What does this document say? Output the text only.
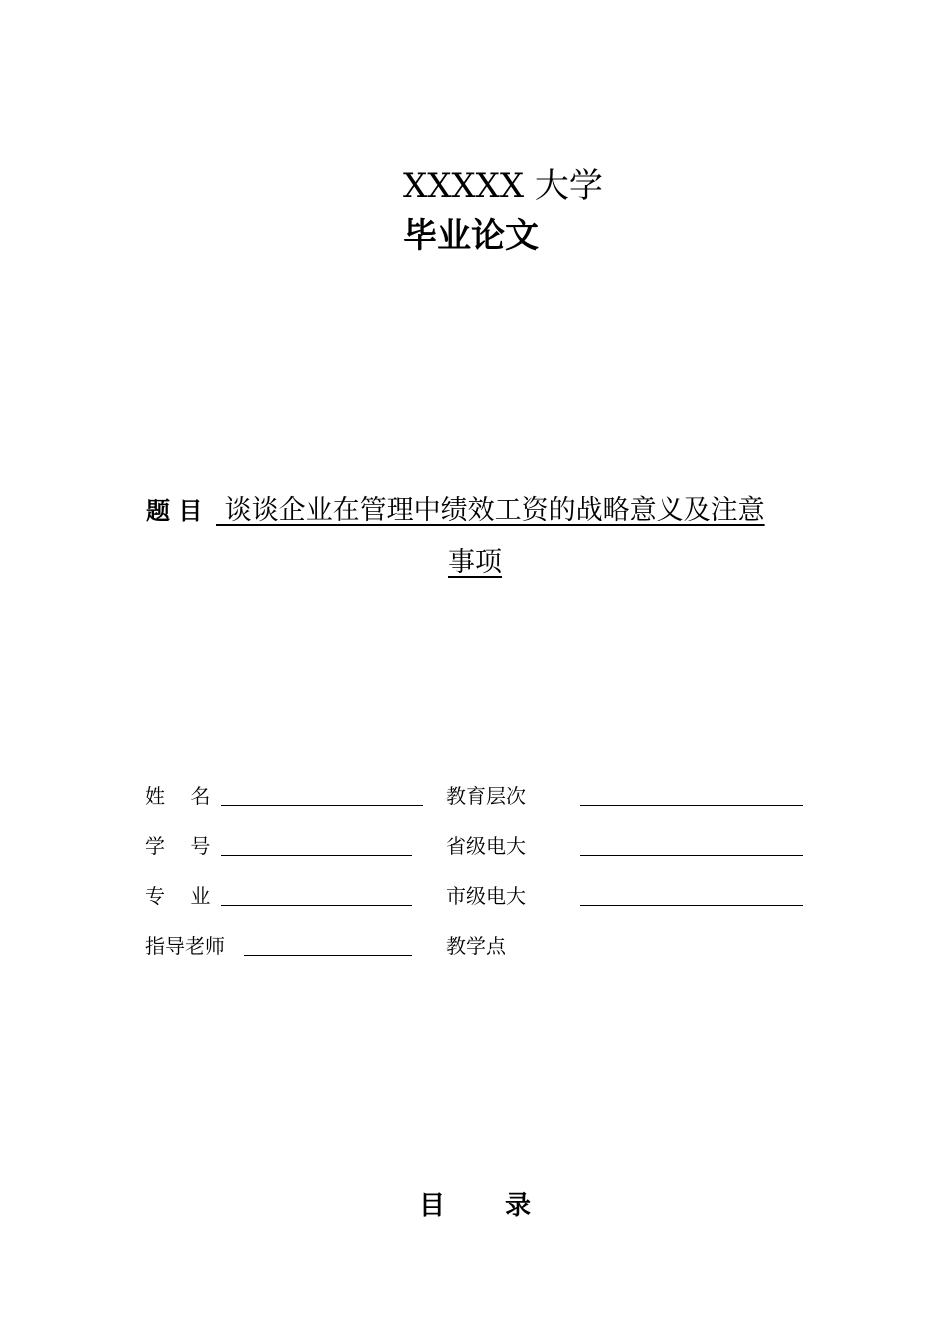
XXXXX 大学
毕业论文
题 目 谈谈企业在管理中绩效工资的战略意义及注意
事项
姓    名	教育层次
学    号	省级电大
专    业	市级电大
指导老师	教学点
目录
